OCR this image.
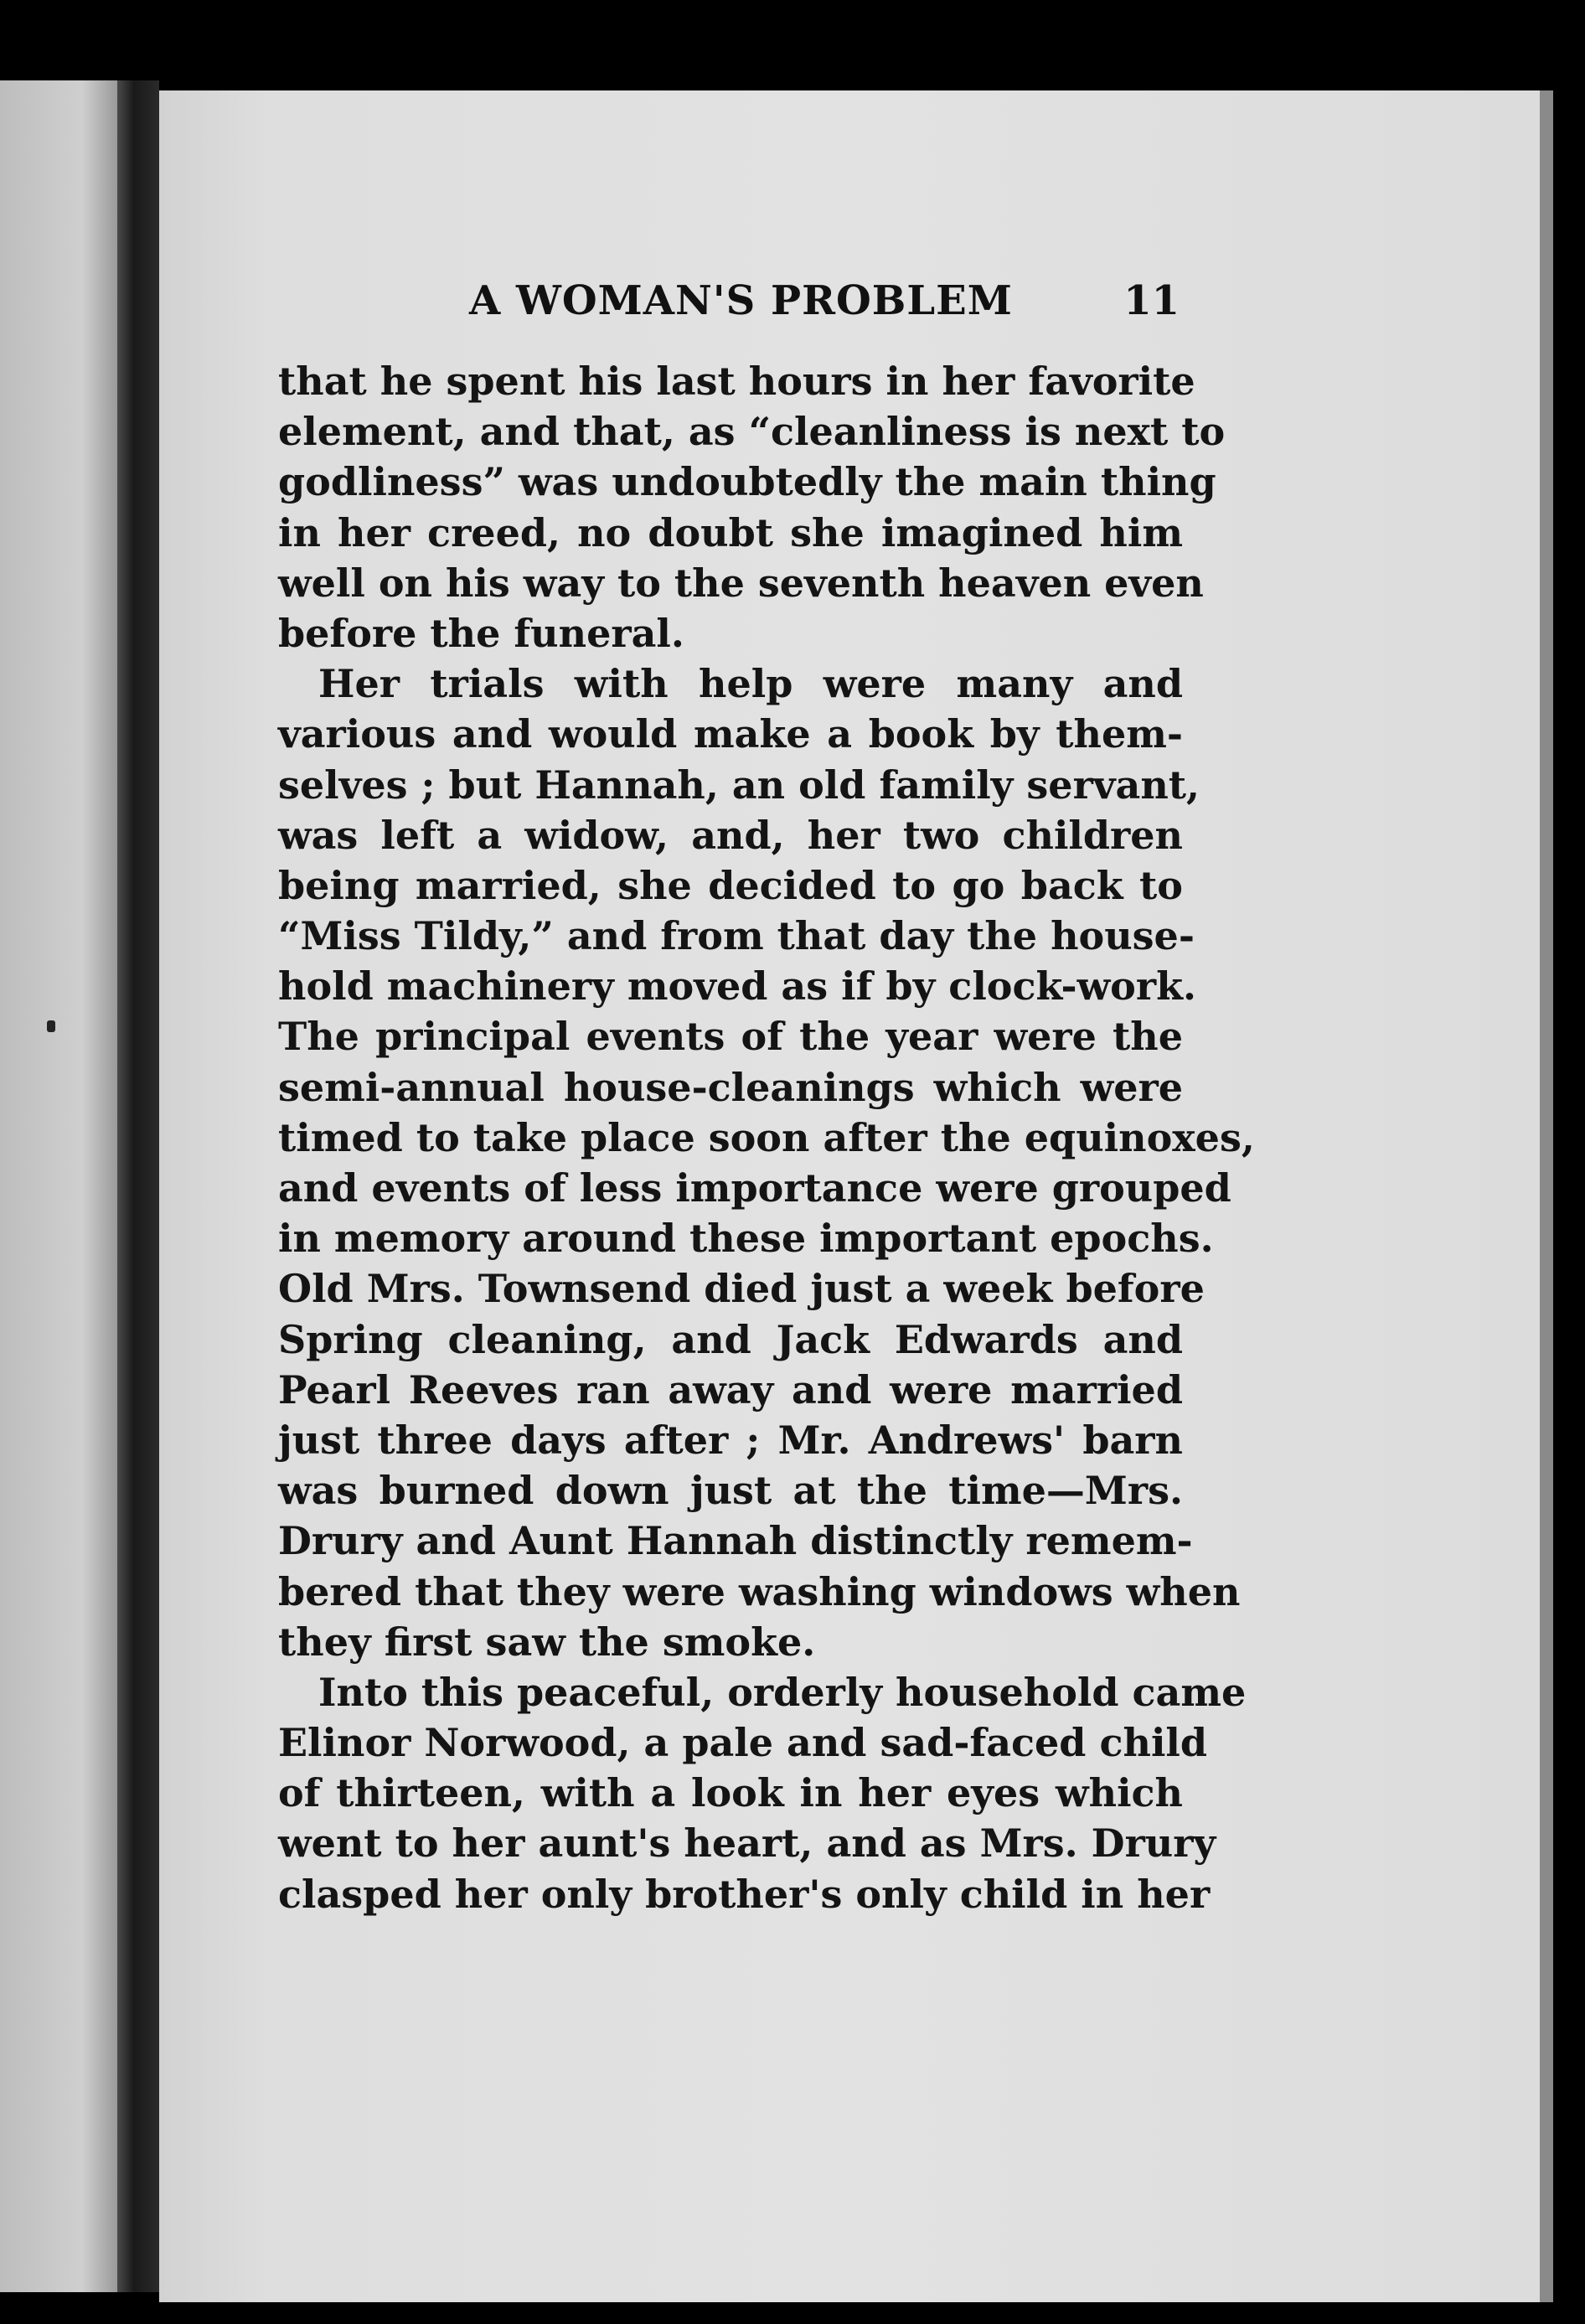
A WOMAN'S PROBLEM	11
that he spent his last hours in her favorite
element, and that, as “cleanliness is next to
godliness” was undoubtedly the main thing
in her creed, no doubt she imagined him
well on his way to the seventh heaven even
before the funeral.
Her trials with help were many and
various and would make a book by them-
selves ; but Hannah, an old family servant,
was left a widow, and, her two children
being married, she decided to go back to
“Miss Tildy,” and from that day the house-
hold machinery moved as if by clock-work.
The principal events of the year were the
semi-annual house-cleanings which were
timed to take place soon after the equinoxes,
and events of less importance were grouped
in memory around these important epochs.
Old Mrs. Townsend died just a week before
Spring cleaning, and Jack Edwards and
Pearl Reeves ran away and were married
just three days after ; Mr. Andrews' barn
was burned down just at the time—Mrs.
Drury and Aunt Hannah distinctly remem-
bered that they were washing windows when
they first saw the smoke.
Into this peaceful, orderly household came
Elinor Norwood, a pale and sad-faced child
of thirteen, with a look in her eyes which
went to her aunt's heart, and as Mrs. Drury
clasped her only brother's only child in her
